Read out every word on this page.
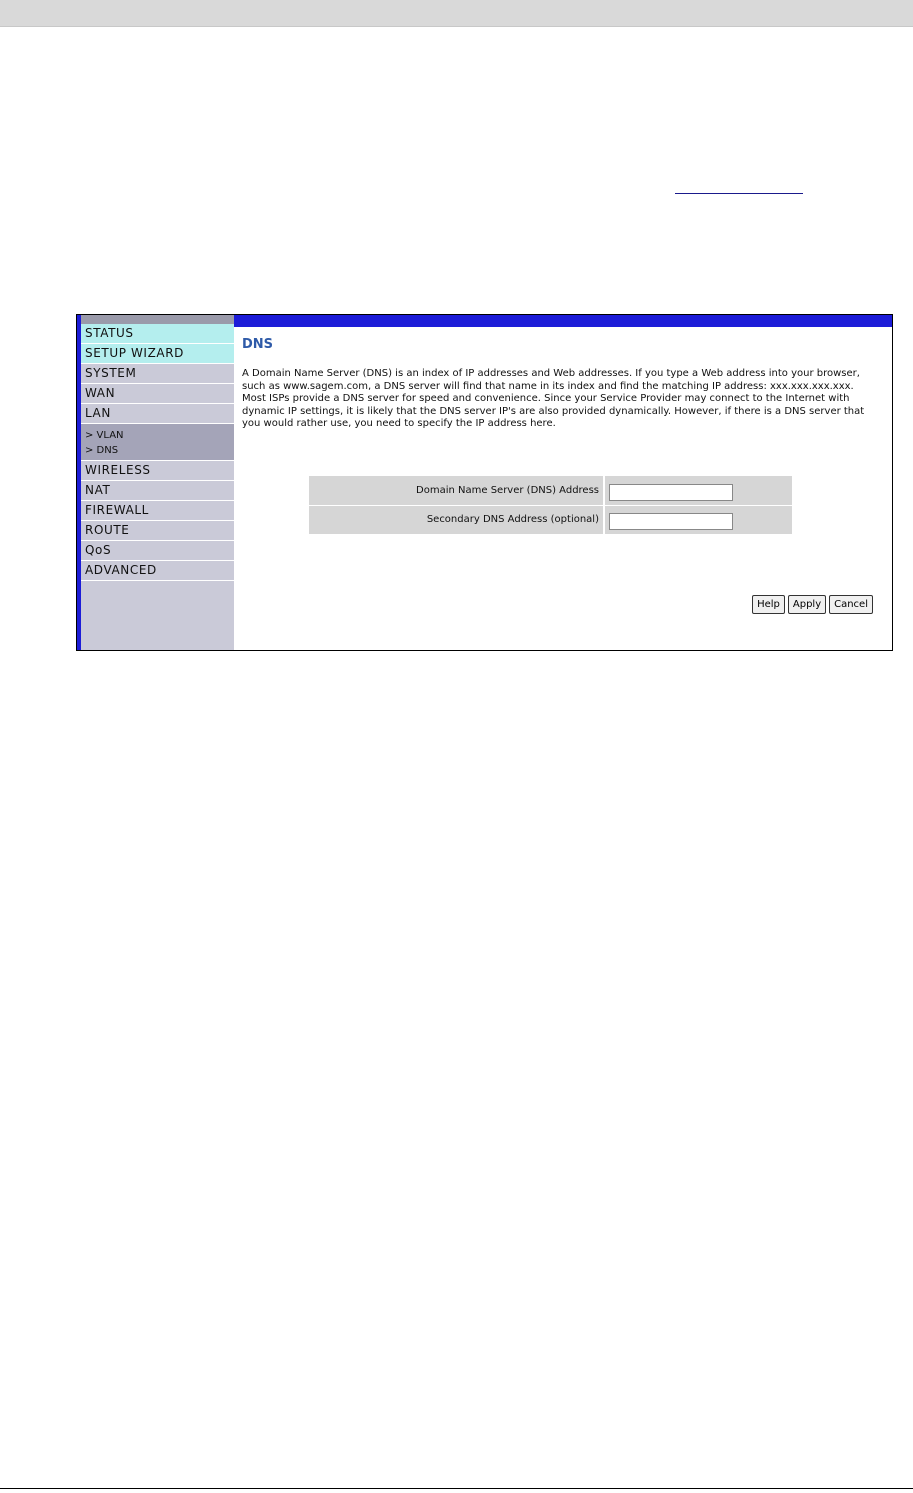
STATUS
SETUP WIZARD
SYSTEM
WAN
LAN
> VLAN
> DNS
WIRELESS
NAT
FIREWALL
ROUTE
QoS
ADVANCED
DNS

A Domain Name Server (DNS) is an index of IP addresses and Web addresses. If you type a Web address into your browser, such as www.sagem.com, a DNS server will find that name in its index and find the matching IP address: xxx.xxx.xxx.xxx. Most ISPs provide a DNS server for speed and convenience. Since your Service Provider may connect to the Internet with dynamic IP settings, it is likely that the DNS server IP's are also provided dynamically. However, if there is a DNS server that you would rather use, you need to specify the IP address here.

Domain Name Server (DNS) Address	
Secondary DNS Address (optional)	
Help	Apply	Cancel
